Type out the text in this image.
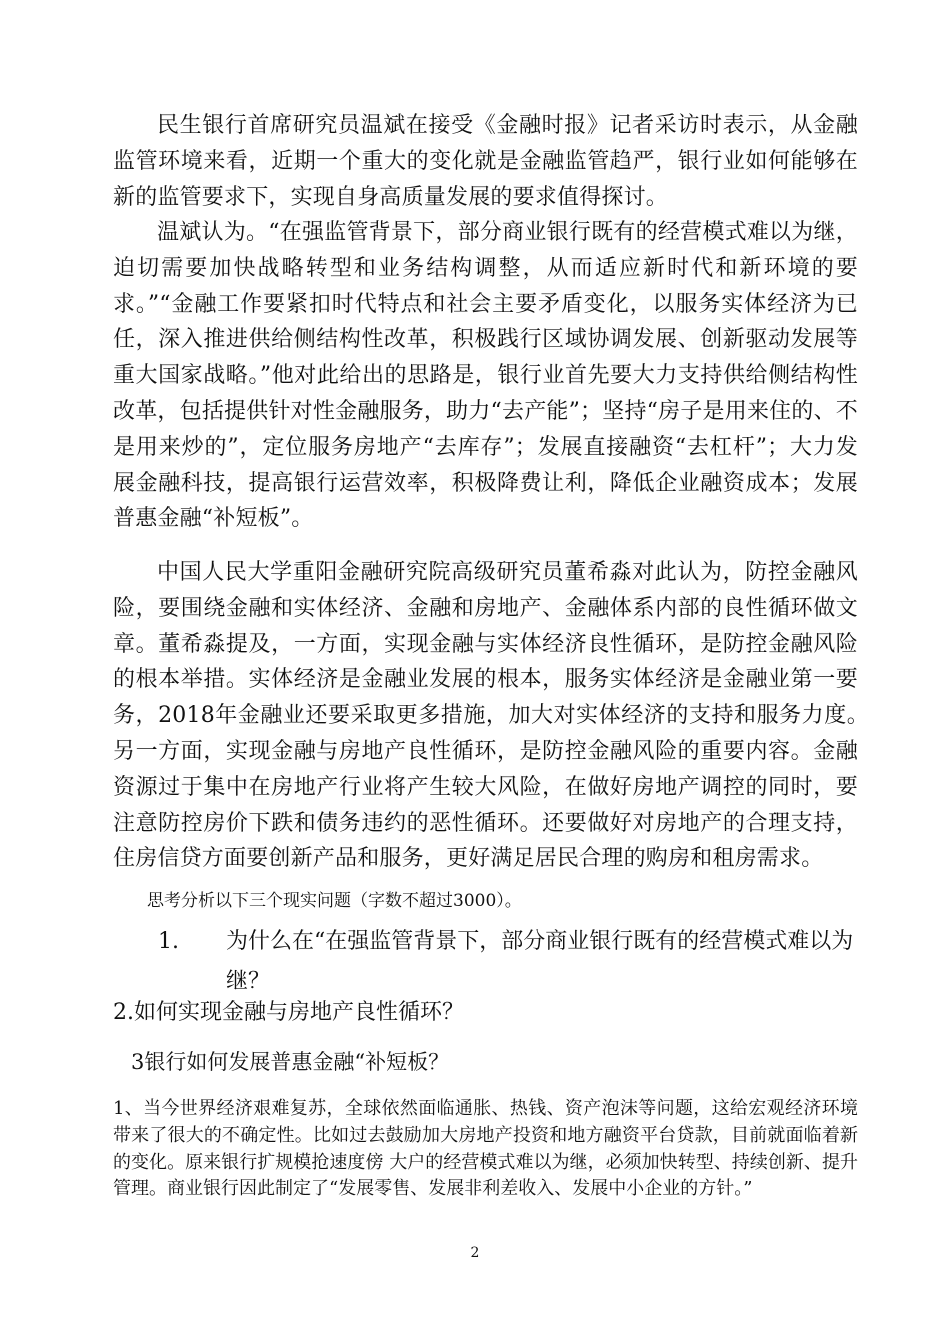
民生银行首席研究员温斌在接受《金融时报》记者采访时表示，从金融监管环境来看，近期一个重大的变化就是金融监管趋严，银行业如何能够在新的监管要求下，实现自身高质量发展的要求值得探讨。

温斌认为。“在强监管背景下，部分商业银行既有的经营模式难以为继，迫切需要加快战略转型和业务结构调整，从而适应新时代和新环境的要求。”“金融工作要紧扣时代特点和社会主要矛盾变化，以服务实体经济为已任，深入推进供给侧结构性改革，积极践行区域协调发展、创新驱动发展等重大国家战略。”他对此给出的思路是，银行业首先要大力支持供给侧结构性改革，包括提供针对性金融服务，助力“去产能”；坚持“房子是用来住的、不是用来炒的”，定位服务房地产“去库存”；发展直接融资“去杠杆”；大力发展金融科技，提高银行运营效率，积极降费让利，降低企业融资成本；发展普惠金融“补短板”。

中国人民大学重阳金融研究院高级研究员董希淼对此认为，防控金融风险，要围绕金融和实体经济、金融和房地产、金融体系内部的良性循环做文章。董希淼提及，一方面，实现金融与实体经济良性循环，是防控金融风险的根本举措。实体经济是金融业发展的根本，服务实体经济是金融业第一要务，2018年金融业还要采取更多措施，加大对实体经济的支持和服务力度。　　另一方面，实现金融与房地产良性循环，是防控金融风险的重要内容。金融资源过于集中在房地产行业将产生较大风险，在做好房地产调控的同时，要注意防控房价下跌和债务违约的恶性循环。还要做好对房地产的合理支持，住房信贷方面要创新产品和服务，更好满足居民合理的购房和租房需求。

思考分析以下三个现实问题（字数不超过3000）。

1. 为什么在“在强监管背景下，部分商业银行既有的经营模式难以为继？

2.如何实现金融与房地产良性循环？

3银行如何发展普惠金融“补短板？

1、当今世界经济艰难复苏，全球依然面临通胀、热钱、资产泡沫等问题，这给宏观经济环境带来了很大的不确定性。比如过去鼓励加大房地产投资和地方融资平台贷款，目前就面临着新的变化。原来银行扩规模抢速度傍 大户的经营模式难以为继，必须加快转型、持续创新、提升管理。商业银行因此制定了“发展零售、发展非利差收入、发展中小企业的方针。”

2
